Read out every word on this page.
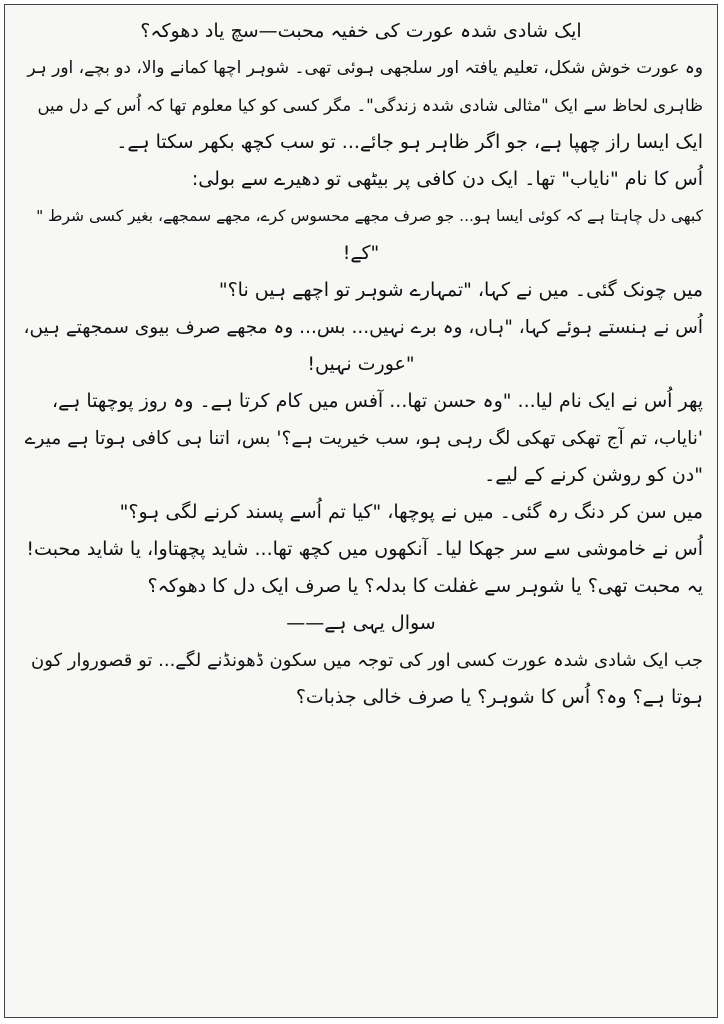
ایک شادی شدہ عورت کی خفیہ محبت—سچ یاد دھوکہ؟
وہ عورت خوش شکل، تعلیم یافتہ اور سلجھی ہوئی تھی۔ شوہر اچھا کمانے والا، دو بچے، اور ہر
ظاہری لحاظ سے ایک "مثالی شادی شدہ زندگی"۔ مگر کسی کو کیا معلوم تھا کہ اُس کے دل میں
ایک ایسا راز چھپا ہے، جو اگر ظاہر ہو جائے... تو سب کچھ بکھر سکتا ہے۔
اُس کا نام "نایاب" تھا۔ ایک دن کافی پر بیٹھی تو دھیرے سے بولی:
کبھی دل چاہتا ہے کہ کوئی ایسا ہو... جو صرف مجھے محسوس کرے، مجھے سمجھے، بغیر کسی شرط "
"کے!
میں چونک گئی۔ میں نے کہا، "تمہارے شوہر تو اچھے ہیں نا؟"
اُس نے ہنستے ہوئے کہا، "ہاں، وہ برے نہیں... بس... وہ مجھے صرف بیوی سمجھتے ہیں،
"عورت نہیں!
پھر اُس نے ایک نام لیا... "وہ حسن تھا... آفس میں کام کرتا ہے۔ وہ روز پوچھتا ہے،
'نایاب، تم آج تھکی تھکی لگ رہی ہو، سب خیریت ہے؟' بس، اتنا ہی کافی ہوتا ہے میرے
"دن کو روشن کرنے کے لیے۔
میں سن کر دنگ رہ گئی۔ میں نے پوچھا، "کیا تم اُسے پسند کرنے لگی ہو؟"
اُس نے خاموشی سے سر جھکا لیا۔ آنکھوں میں کچھ تھا... شاید پچھتاوا، یا شاید محبت!
یہ محبت تھی؟ یا شوہر سے غفلت کا بدلہ؟ یا صرف ایک دل کا دھوکہ؟
سوال یہی ہے——
جب ایک شادی شدہ عورت کسی اور کی توجہ میں سکون ڈھونڈنے لگے... تو قصوروار کون
ہوتا ہے؟ وہ؟ اُس کا شوہر؟ یا صرف خالی جذبات؟
